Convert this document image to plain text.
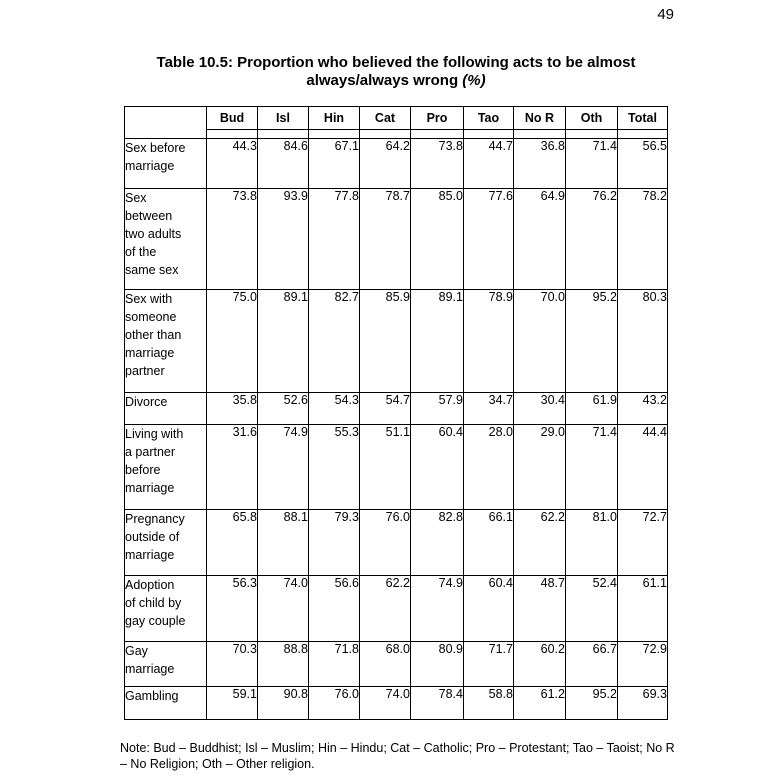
49
Table 10.5: Proportion who believed the following acts to be almost always/always wrong (%)
	Bud	Isl	Hin	Cat	Pro	Tao	No R	Oth	Total

Sex before
marriage	44.3	84.6	67.1	64.2	73.8	44.7	36.8	71.4	56.5
Sex
between
two adults
of the
same sex	73.8	93.9	77.8	78.7	85.0	77.6	64.9	76.2	78.2
Sex with
someone
other than
marriage
partner	75.0	89.1	82.7	85.9	89.1	78.9	70.0	95.2	80.3
Divorce	35.8	52.6	54.3	54.7	57.9	34.7	30.4	61.9	43.2
Living with
a partner
before
marriage	31.6	74.9	55.3	51.1	60.4	28.0	29.0	71.4	44.4
Pregnancy
outside of
marriage	65.8	88.1	79.3	76.0	82.8	66.1	62.2	81.0	72.7
Adoption
of child by
gay couple	56.3	74.0	56.6	62.2	74.9	60.4	48.7	52.4	61.1
Gay
marriage	70.3	88.8	71.8	68.0	80.9	71.7	60.2	66.7	72.9
Gambling	59.1	90.8	76.0	74.0	78.4	58.8	61.2	95.2	69.3
Note: Bud – Buddhist; Isl – Muslim; Hin – Hindu; Cat – Catholic; Pro – Protestant; Tao – Taoist; No R – No Religion; Oth – Other religion.
